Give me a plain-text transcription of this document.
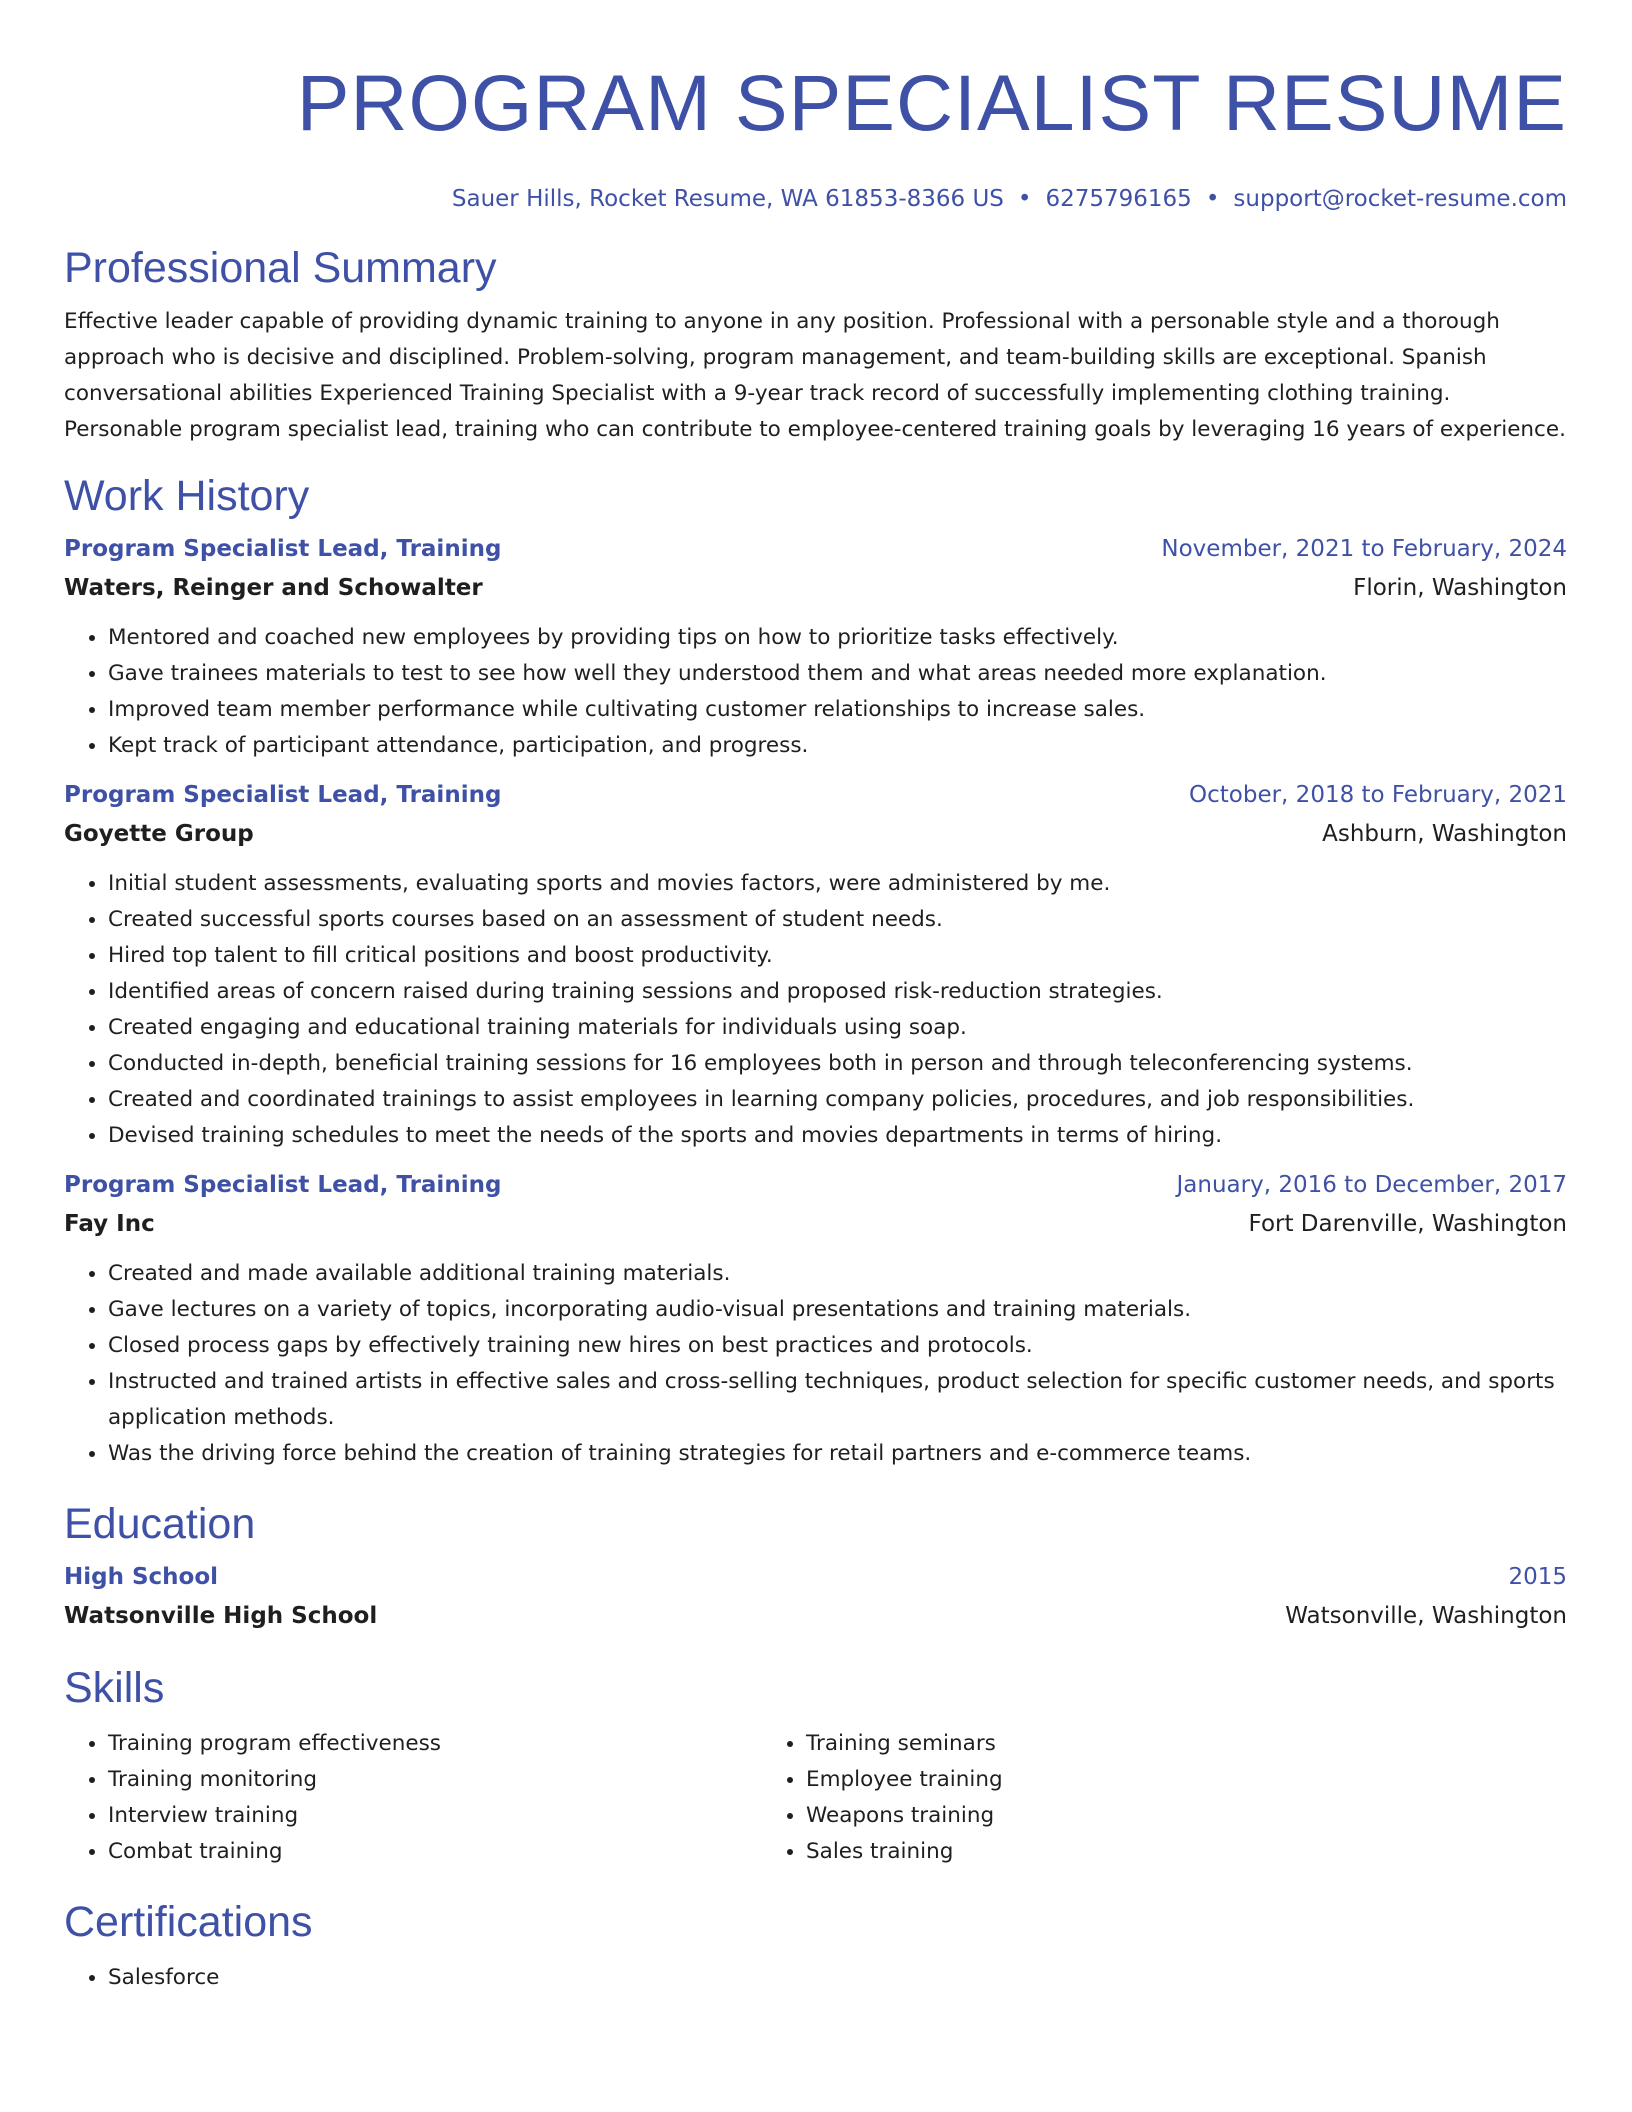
PROGRAM SPECIALIST RESUME
Sauer Hills, Rocket Resume, WA 61853-8366 US • 6275796165 • support@rocket-resume.com
Professional Summary
Effective leader capable of providing dynamic training to anyone in any position. Professional with a personable style and a thorough approach who is decisive and disciplined. Problem-solving, program management, and team-building skills are exceptional. Spanish conversational abilities Experienced Training Specialist with a 9-year track record of successfully implementing clothing training. Personable program specialist lead, training who can contribute to employee-centered training goals by leveraging 16 years of experience.
Work History
Program Specialist Lead, Training	November, 2021 to February, 2024
Waters, Reinger and Schowalter	Florin, Washington
• Mentored and coached new employees by providing tips on how to prioritize tasks effectively.
• Gave trainees materials to test to see how well they understood them and what areas needed more explanation.
• Improved team member performance while cultivating customer relationships to increase sales.
• Kept track of participant attendance, participation, and progress.
Program Specialist Lead, Training	October, 2018 to February, 2021
Goyette Group	Ashburn, Washington
• Initial student assessments, evaluating sports and movies factors, were administered by me.
• Created successful sports courses based on an assessment of student needs.
• Hired top talent to fill critical positions and boost productivity.
• Identified areas of concern raised during training sessions and proposed risk-reduction strategies.
• Created engaging and educational training materials for individuals using soap.
• Conducted in-depth, beneficial training sessions for 16 employees both in person and through teleconferencing systems.
• Created and coordinated trainings to assist employees in learning company policies, procedures, and job responsibilities.
• Devised training schedules to meet the needs of the sports and movies departments in terms of hiring.
Program Specialist Lead, Training	January, 2016 to December, 2017
Fay Inc	Fort Darenville, Washington
• Created and made available additional training materials.
• Gave lectures on a variety of topics, incorporating audio-visual presentations and training materials.
• Closed process gaps by effectively training new hires on best practices and protocols.
• Instructed and trained artists in effective sales and cross-selling techniques, product selection for specific customer needs, and sports application methods.
• Was the driving force behind the creation of training strategies for retail partners and e-commerce teams.
Education
High School	2015
Watsonville High School	Watsonville, Washington
Skills
• Training program effectiveness
• Training monitoring
• Interview training
• Combat training
• Training seminars
• Employee training
• Weapons training
• Sales training
Certifications
• Salesforce
